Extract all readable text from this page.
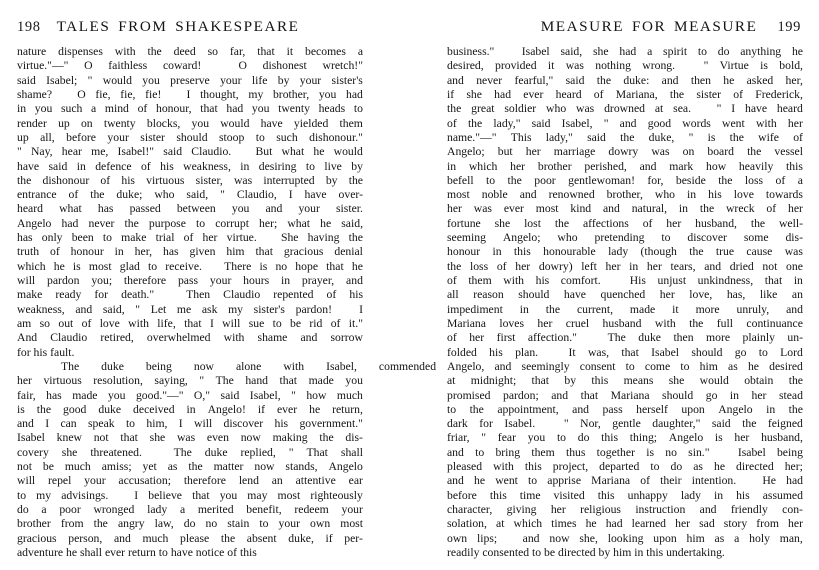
198 TALES FROM SHAKESPEARE
nature dispenses with the deed so far, that it becomes a
virtue."—" O faithless coward!
 	O dishonest wretch!"
said Isabel; " would you preserve your life by your sister's
shame?
  O fie, fie, fie!
  I thought, my brother, you had
in you such a mind of honour, that had you twenty heads to
render up on twenty blocks, you would have yielded them
up all, before your sister should stoop to such dishonour."
" Nay, hear me, Isabel!" said Claudio.
  But what he would
have said in defence of his weakness, in desiring to live by
the dishonour of his virtuous sister, was interrupted by the
entrance of the duke; who said, " Claudio, I have over-
heard what has passed between you and your sister.
Angelo had never the purpose to corrupt her; what he said,
has only been to make trial of her virtue.
  She having the
truth of honour in her, has given him that gracious denial
which he is most glad to receive.
  There is no hope that he
will pardon you; therefore pass your hours in prayer, and
make ready for death."
 	Then Claudio repented of his
weakness, and said, " Let me ask my sister's pardon!
  I
am so out of love with life, that I will sue to be rid of it."
And Claudio retired, overwhelmed with shame and sorrow
for his fault.
The	duke	being	now	alone	with	Isabel,	commended
her virtuous resolution, saying, " The hand that made you
fair, has made you good."—" O," said Isabel, " how much
is the good duke deceived in Angelo! if ever he return,
and I can speak to him, I will discover his government."
Isabel knew not that she was even now making the dis-
covery she threatened.
 	The duke replied, " That shall
not be much amiss; yet as the matter now stands, Angelo
will repel your accusation; therefore lend an attentive ear
to my advisings.
  I believe that you may most righteously
do a poor wronged lady a merited benefit, redeem your
brother from the angry law, do no stain to your own most
gracious person, and much please the absent duke, if per-
adventure he shall ever return to have notice of this
MEASURE FOR MEASURE 199
business."
  Isabel said, she had a spirit to do anything he
desired, provided it was nothing wrong.
  " Virtue is bold,
and never fearful," said the duke: and then he asked her,
if she had ever heard of Mariana, the sister of Frederick,
the great soldier who was drowned at sea.
  " I have heard
of the lady," said Isabel, " and good words went with her
name."—" This lady," said the duke, " is the wife of
Angelo; but her marriage dowry was on board the vessel
in which her brother perished, and mark how heavily this
befell to the poor gentlewoman! for, beside the loss of a
most noble and renowned brother, who in his love towards
her was ever most kind and natural, in the wreck of her
fortune she lost the affections of her husband, the well-
seeming Angelo; who pretending to discover some dis-
honour in this honourable lady (though the true cause was
the loss of her dowry) left her in her tears, and dried not one
of them with his comfort.
  His unjust unkindness, that in
all reason should have quenched her love, has, like an
impediment in the current, made it more unruly, and
Mariana loves her cruel husband with the full continuance
of her first affection."
 	The duke then more plainly un-
folded his plan.
 	It was, that Isabel should go to Lord
Angelo, and seemingly consent to come to him as he desired
at midnight; that by this means she would obtain the
promised pardon; and that Mariana should go in her stead
to the appointment, and pass herself upon Angelo in the
dark for Isabel.
  " Nor, gentle daughter," said the feigned
friar, " fear you to do this thing; Angelo is her husband,
and to bring them thus together is no sin."
  Isabel being
pleased with this project, departed to do as he directed her;
and he went to apprise Mariana of their intention.
  He had
before this time visited this unhappy lady in his assumed
character, giving her religious instruction and friendly con-
solation, at which times he had learned her sad story from her
own lips;
  and now she, looking upon him as a holy man,
readily consented to be directed by him in this undertaking.
